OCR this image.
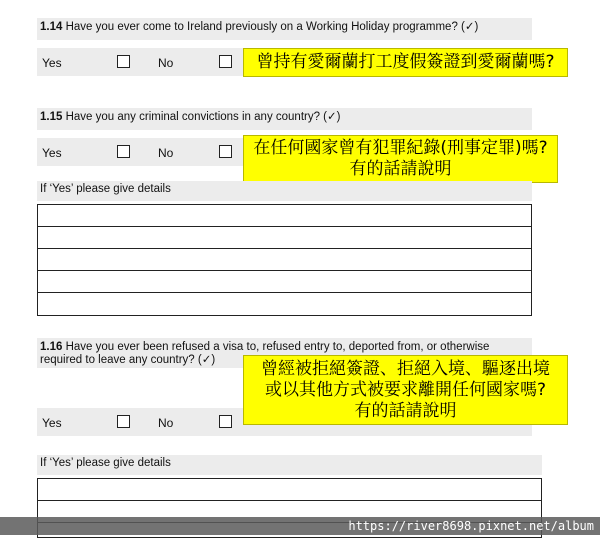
1.14 Have you ever come to Ireland previously on a Working Holiday programme? (✓)
Yes	No	曾持有愛爾蘭打工度假簽證到愛爾蘭嗎?
1.15 Have you any criminal convictions in any country? (✓)
Yes	No	在任何國家曾有犯罪紀錄(刑事定罪)嗎?
有的話請說明
If ‘Yes’ please give details
1.16 Have you ever been refused a visa to, refused entry to, deported from, or otherwise
required to leave any country? (✓)
Yes	No
曾經被拒絕簽證、拒絕入境、驅逐出境
或以其他方式被要求離開任何國家嗎?
有的話請說明
If ‘Yes’ please give details
https://river8698.pixnet.net/album
